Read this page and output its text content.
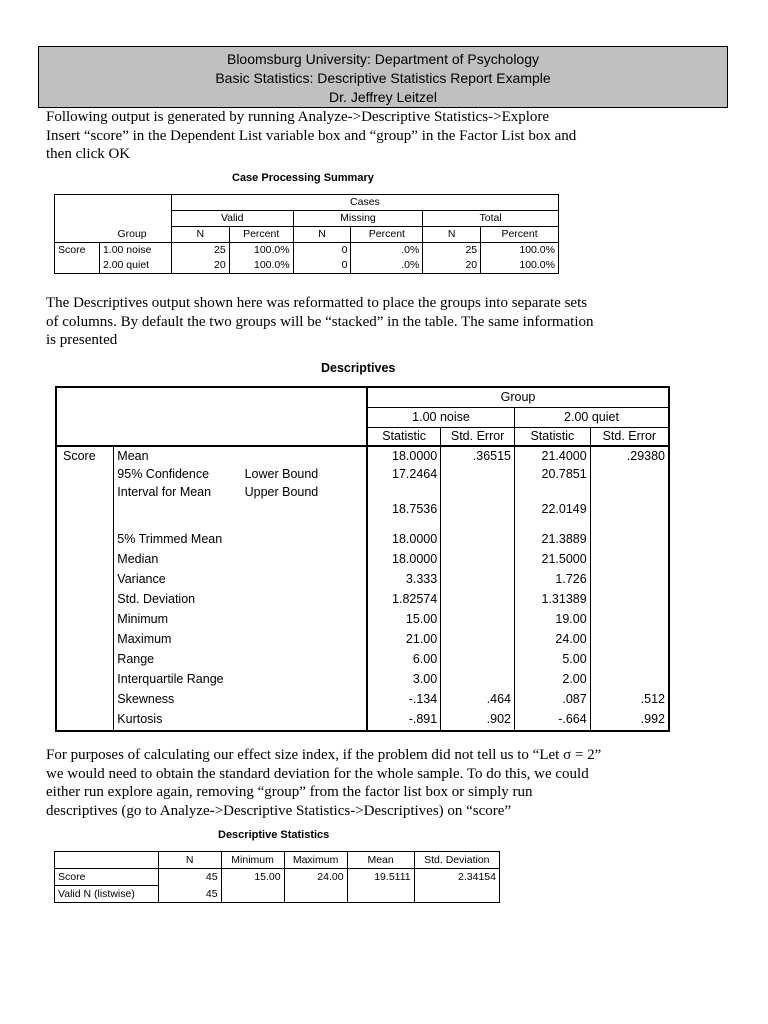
Bloomsburg University: Department of Psychology
Basic Statistics: Descriptive Statistics Report Example
Dr. Jeffrey Leitzel
Following output is generated by running Analyze->Descriptive Statistics->Explore
Insert “score” in the Dependent List variable box and “group” in the Factor List box and
then click OK
Case Processing Summary
		Cases					
		Valid		Missing		Total	
	Group	N	Percent	N	Percent	N	Percent
Score	1.00 noise	25	100.0%	0	.0%	25	100.0%
	2.00 quiet	20	100.0%	0	.0%	20	100.0%
The Descriptives output shown here was reformatted to place the groups into separate sets
of columns. By default the two groups will be “stacked” in the table. The same information
is presented
Descriptives
			Group			
			1.00 noise		2.00 quiet	
			Statistic	Std. Error	Statistic	Std. Error
Score	Mean		18.0000	.36515	21.4000	.29380
	95% Confidence	Lower Bound	17.2464		20.7851	
	Interval for Mean	Upper Bound	18.7536		22.0149	

	5% Trimmed Mean		18.0000		21.3889	
	Median		18.0000		21.5000	
	Variance		3.333		1.726	
	Std. Deviation		1.82574		1.31389	
	Minimum		15.00		19.00	
	Maximum		21.00		24.00	
	Range		6.00		5.00	
	Interquartile Range		3.00		2.00	
	Skewness		-.134	.464	.087	.512
	Kurtosis		-.891	.902	-.664	.992
For purposes of calculating our effect size index, if the problem did not tell us to “Let σ = 2”
we would need to obtain the standard deviation for the whole sample. To do this, we could
either run explore again, removing “group” from the factor list box or simply run
descriptives (go to Analyze->Descriptive Statistics->Descriptives) on “score”
Descriptive Statistics
	N	Minimum	Maximum	Mean	Std. Deviation
Score	45	15.00	24.00	19.5111	2.34154
Valid N (listwise)	45				
